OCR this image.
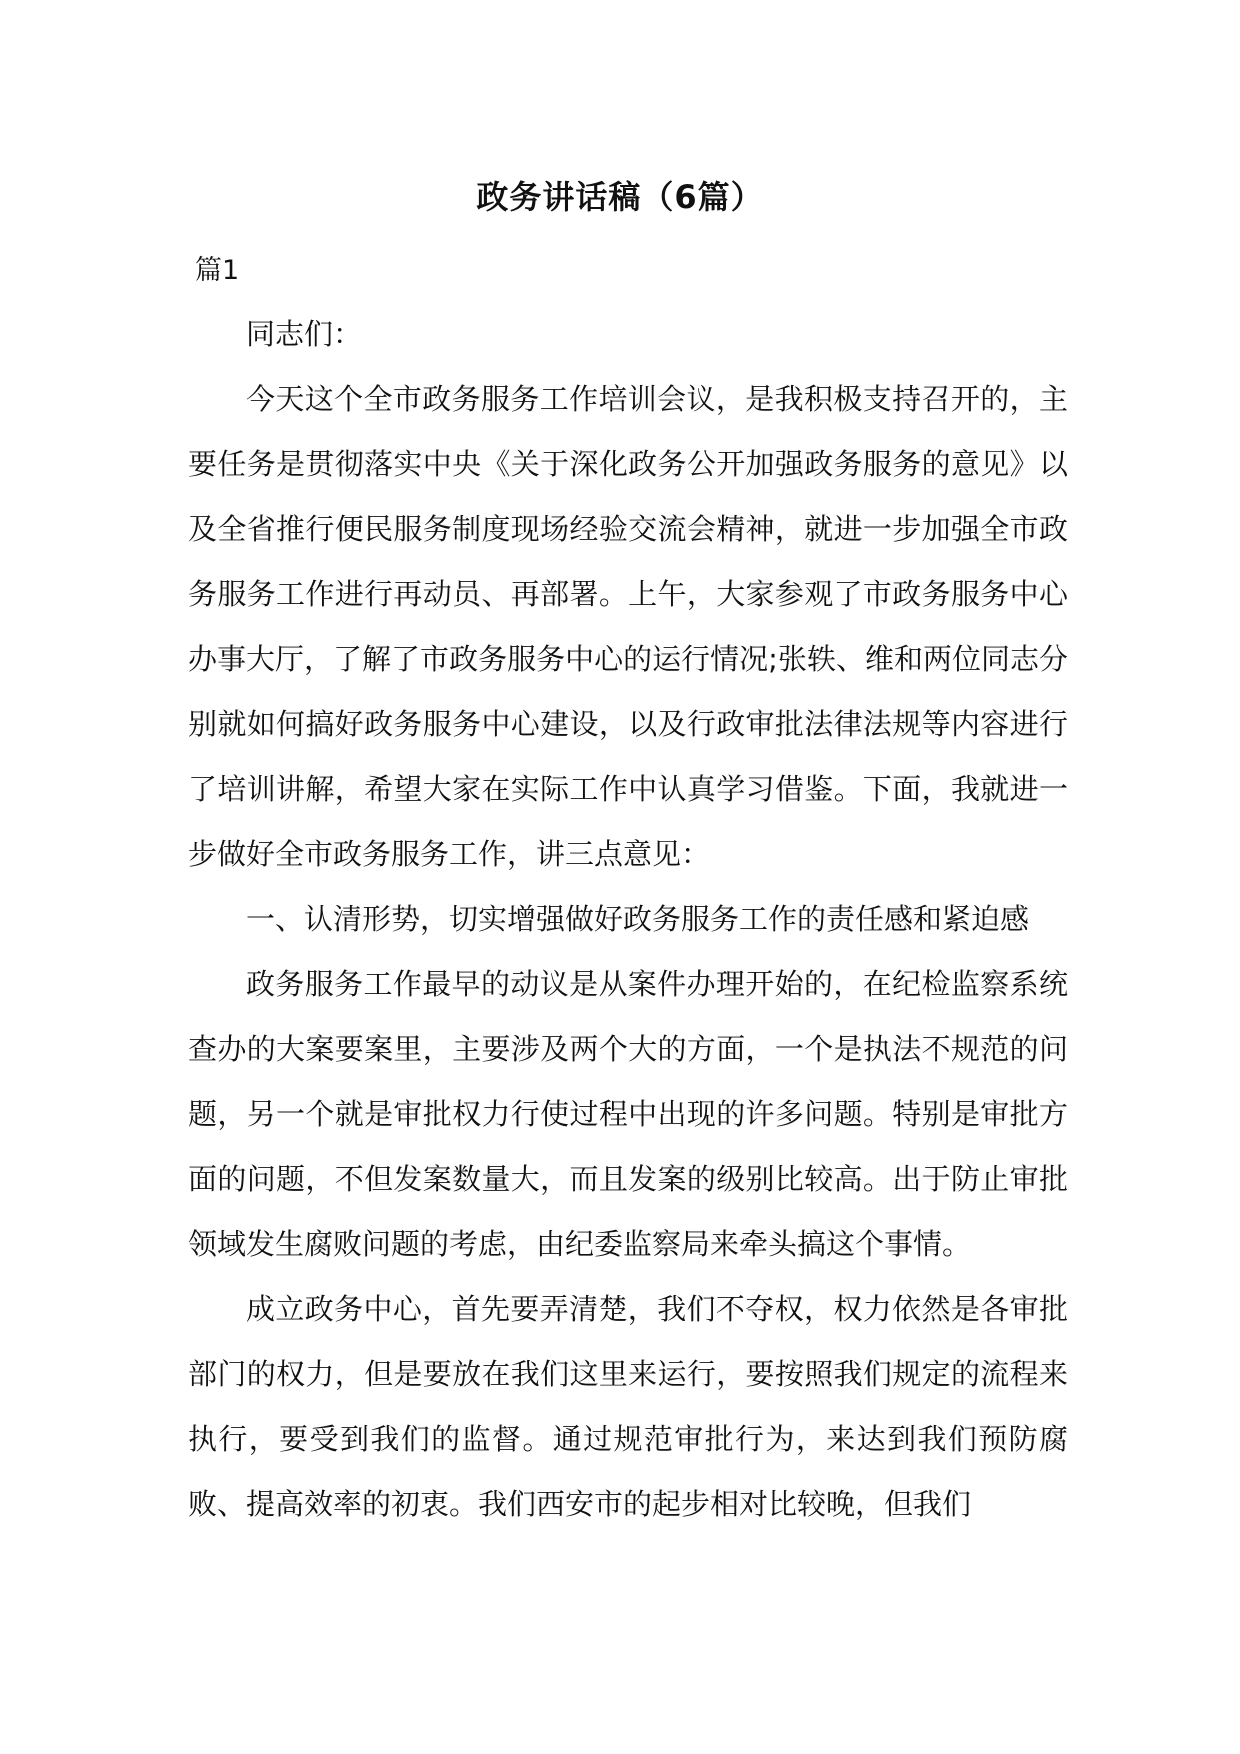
政务讲话稿（6篇）
篇1

同志们：

今天这个全市政务服务工作培训会议，是我积极支持召开的，主要任务是贯彻落实中央《关于深化政务公开加强政务服务的意见》以及全省推行便民服务制度现场经验交流会精神，就进一步加强全市政务服务工作进行再动员、再部署。上午，大家参观了市政务服务中心办事大厅，了解了市政务服务中心的运行情况;张轶、维和两位同志分别就如何搞好政务服务中心建设，以及行政审批法律法规等内容进行了培训讲解，希望大家在实际工作中认真学习借鉴。下面，我就进一步做好全市政务服务工作，讲三点意见：

一、认清形势，切实增强做好政务服务工作的责任感和紧迫感

政务服务工作最早的动议是从案件办理开始的，在纪检监察系统查办的大案要案里，主要涉及两个大的方面，一个是执法不规范的问题，另一个就是审批权力行使过程中出现的许多问题。特别是审批方面的问题，不但发案数量大，而且发案的级别比较高。出于防止审批领域发生腐败问题的考虑，由纪委监察局来牵头搞这个事情。

成立政务中心，首先要弄清楚，我们不夺权，权力依然是各审批部门的权力，但是要放在我们这里来运行，要按照我们规定的流程来执行，要受到我们的监督。通过规范审批行为，来达到我们预防腐败、提高效率的初衷。我们西安市的起步相对比较晚，但我们
